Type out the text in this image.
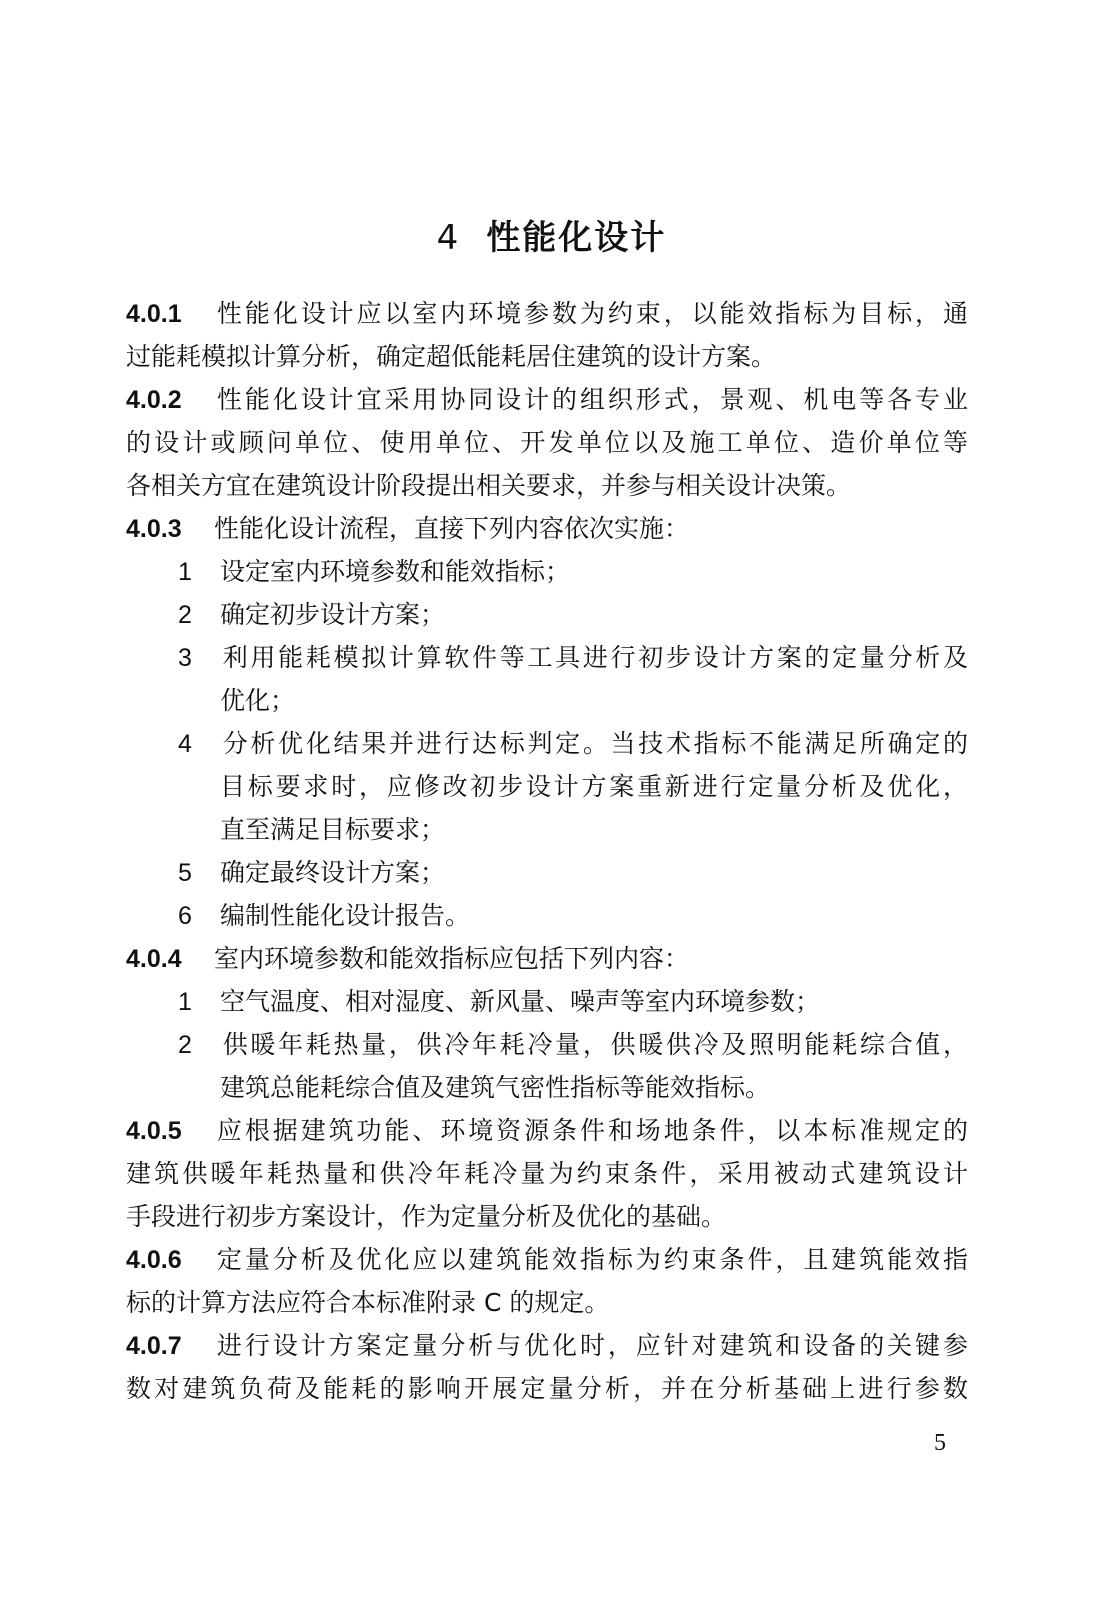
4 性能化设计
4.0.1 性能化设计应以室内环境参数为约束，以能效指标为目标，通
过能耗模拟计算分析，确定超低能耗居住建筑的设计方案。
4.0.2 性能化设计宜采用协同设计的组织形式，景观、机电等各专业
的设计或顾问单位、使用单位、开发单位以及施工单位、造价单位等
各相关方宜在建筑设计阶段提出相关要求，并参与相关设计决策。
4.0.3 性能化设计流程，直接下列内容依次实施：
1 设定室内环境参数和能效指标；
2 确定初步设计方案；
3 利用能耗模拟计算软件等工具进行初步设计方案的定量分析及
优化；
4 分析优化结果并进行达标判定。当技术指标不能满足所确定的
目标要求时，应修改初步设计方案重新进行定量分析及优化，
直至满足目标要求；
5 确定最终设计方案；
6 编制性能化设计报告。
4.0.4 室内环境参数和能效指标应包括下列内容：
1 空气温度、相对湿度、新风量、噪声等室内环境参数；
2 供暖年耗热量，供冷年耗冷量，供暖供冷及照明能耗综合值，
建筑总能耗综合值及建筑气密性指标等能效指标。
4.0.5 应根据建筑功能、环境资源条件和场地条件，以本标准规定的
建筑供暖年耗热量和供冷年耗冷量为约束条件，采用被动式建筑设计
手段进行初步方案设计，作为定量分析及优化的基础。
4.0.6 定量分析及优化应以建筑能效指标为约束条件，且建筑能效指
标的计算方法应符合本标准附录 C 的规定。
4.0.7 进行设计方案定量分析与优化时，应针对建筑和设备的关键参
数对建筑负荷及能耗的影响开展定量分析，并在分析基础上进行参数
5
